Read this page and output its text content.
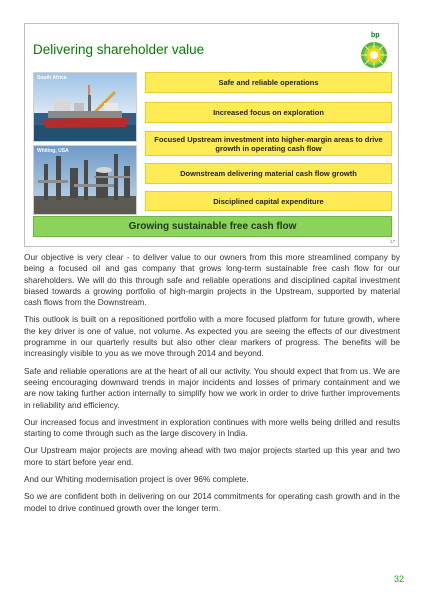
Delivering shareholder value
bp
South Africa
Whiting, USA
Safe and reliable operations
Increased focus on exploration
Focused Upstream investment into higher-margin areas to drive growth in operating cash flow
Downstream delivering material cash flow growth
Disciplined capital expenditure
Growing sustainable free cash flow
17

Our objective is very clear - to deliver value to our owners from this more streamlined company by being a focused oil and gas company that grows long-term sustainable free cash flow for our shareholders. We will do this through safe and reliable operations and disciplined capital investment biased towards a growing portfolio of high-margin projects in the Upstream, supported by material cash flows from the Downstream.

This outlook is built on a repositioned portfolio with a more focused platform for future growth, where the key driver is one of value, not volume. As expected you are seeing the effects of our divestment programme in our quarterly results but also other clear markers of progress. The benefits will be increasingly visible to you as we move through 2014 and beyond.

Safe and reliable operations are at the heart of all our activity. You should expect that from us. We are seeing encouraging downward trends in major incidents and losses of primary containment and we are now taking further action internally to simplify how we work in order to drive further improvements in reliability and efficiency.

Our increased focus and investment in exploration continues with more wells being drilled and results starting to come through such as the large discovery in India.

Our Upstream major projects are moving ahead with two major projects started up this year and two more to start before year end.

And our Whiting modernisation project is over 96% complete.

So we are confident both in delivering on our 2014 commitments for operating cash growth and in the model to drive continued growth over the longer term.

32
